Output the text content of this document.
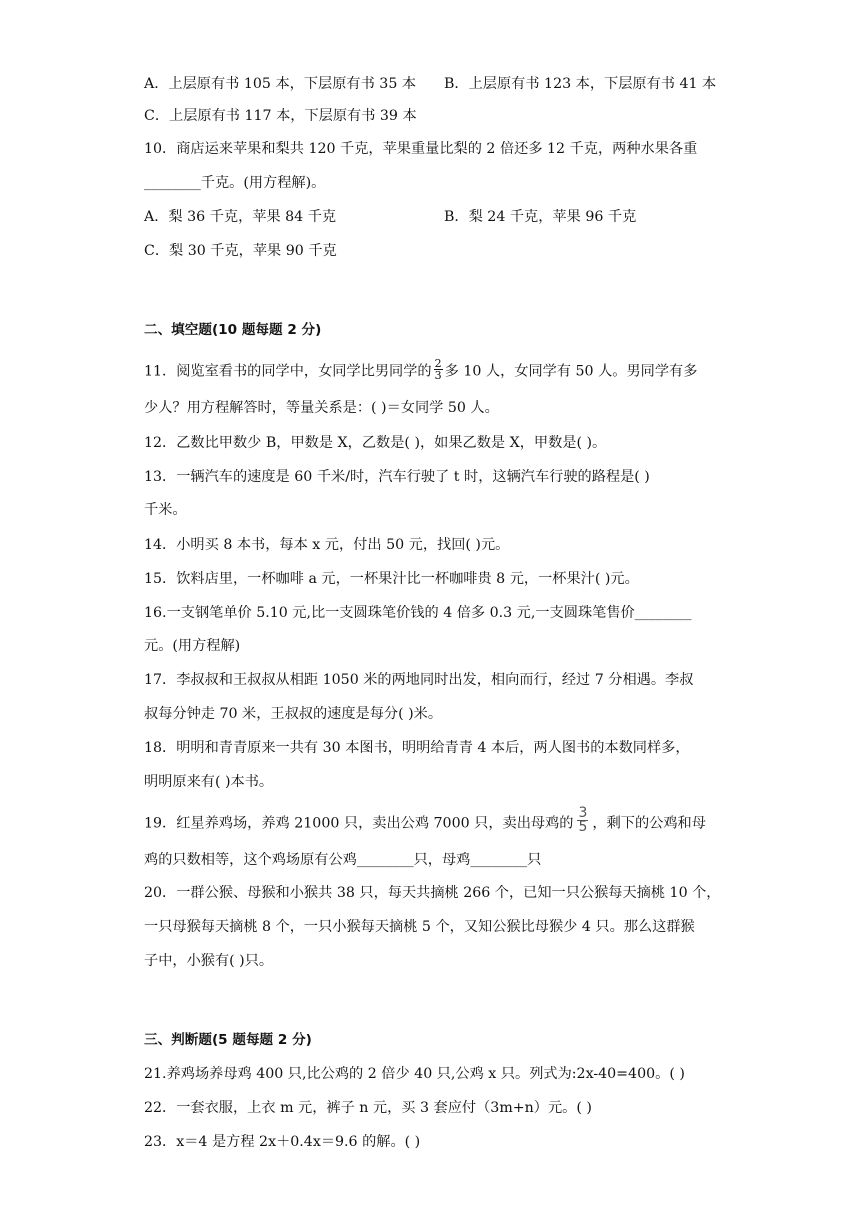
A．上层原有书 105 本，下层原有书 35 本 B．上层原有书 123 本，下层原有书 41 本
C．上层原有书 117 本，下层原有书 39 本
10．商店运来苹果和梨共 120 千克，苹果重量比梨的 2 倍还多 12 千克，两种水果各重
________千克。(用方程解)。
A．梨 36 千克，苹果 84 千克	B．梨 24 千克，苹果 96 千克
C．梨 30 千克，苹果 90 千克
二、填空题(10 题每题 2 分)
11．阅览室看书的同学中，女同学比男同学的 $\frac{2}{3}$ 多 10 人，女同学有 50 人。男同学有多
少人？用方程解答时，等量关系是：( )＝女同学 50 人。
12．乙数比甲数少 B，甲数是 X，乙数是( )，如果乙数是 X，甲数是( )。
13．一辆汽车的速度是 60 千米/时，汽车行驶了 t 时，这辆汽车行驶的路程是( )
千米。
14．小明买 8 本书，每本 x 元，付出 50 元，找回( )元。
15．饮料店里，一杯咖啡 a 元，一杯果汁比一杯咖啡贵 8 元，一杯果汁( )元。
16.一支钢笔单价 5.10 元,比一支圆珠笔价钱的 4 倍多 0.3 元,一支圆珠笔售价________
元。(用方程解)
17．李叔叔和王叔叔从相距 1050 米的两地同时出发，相向而行，经过 7 分相遇。李叔
叔每分钟走 70 米，王叔叔的速度是每分( )米。
18．明明和青青原来一共有 30 本图书，明明给青青 4 本后，两人图书的本数同样多，
明明原来有( )本书。
19．红星养鸡场，养鸡 21000 只，卖出公鸡 7000 只，卖出母鸡的 $\frac{3}{5}$ ，剩下的公鸡和母
鸡的只数相等，这个鸡场原有公鸡________只，母鸡________只
20．一群公猴、母猴和小猴共 38 只，每天共摘桃 266 个，已知一只公猴每天摘桃 10 个，
一只母猴每天摘桃 8 个，一只小猴每天摘桃 5 个，又知公猴比母猴少 4 只。那么这群猴
子中，小猴有( )只。
三、判断题(5 题每题 2 分)
21.养鸡场养母鸡 400 只,比公鸡的 2 倍少 40 只,公鸡 x 只。列式为:2x-40=400。( )
22．一套衣服，上衣 m 元，裤子 n 元，买 3 套应付（3m+n）元。( )
23．x＝4 是方程 2x＋0.4x＝9.6 的解。( )
